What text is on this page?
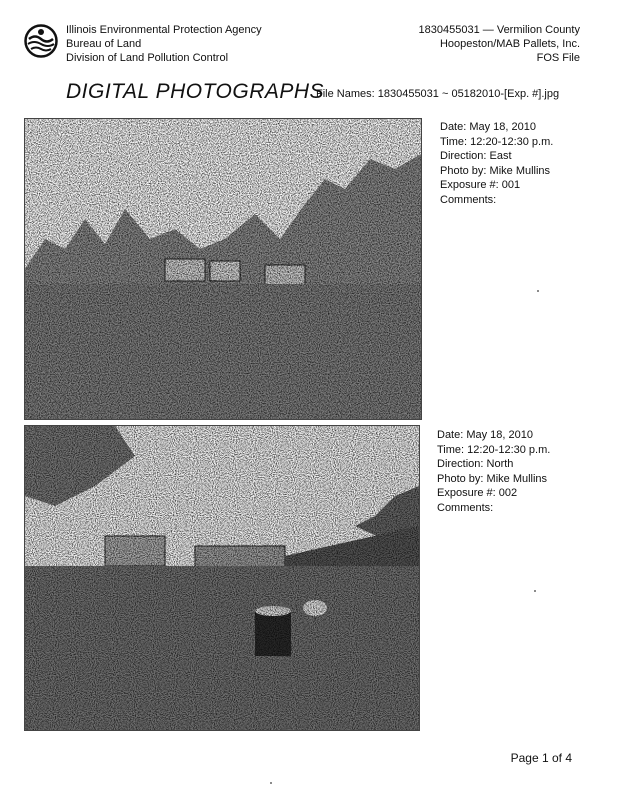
Illinois Environmental Protection Agency
Bureau of Land
Division of Land Pollution Control
1830455031 — Vermilion County
Hoopeston/MAB Pallets, Inc.
FOS File
DIGITAL PHOTOGRAPHS
File Names: 1830455031 ~ 05182010-[Exp. #].jpg
Date: May 18, 2010
Time: 12:20-12:30 p.m.
Direction: East
Photo by: Mike Mullins
Exposure #: 001
Comments:
Date: May 18, 2010
Time: 12:20-12:30 p.m.
Direction: North
Photo by: Mike Mullins
Exposure #: 002
Comments:
Page 1 of 4
